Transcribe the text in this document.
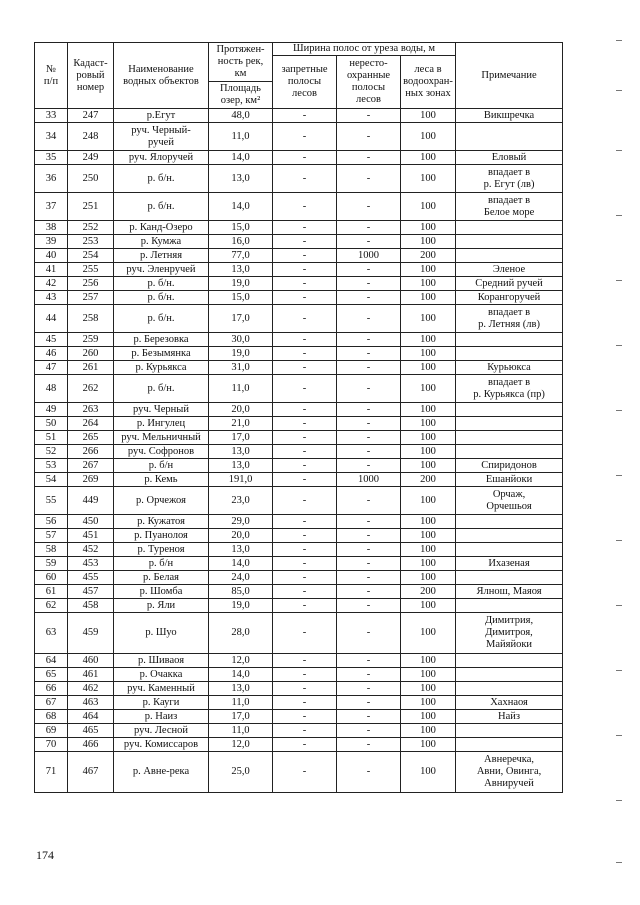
№
п/п	Кадаст-
ровый
номер	Наименование
водных объектов	Протяжен-
ность рек,
км	Ширина полос от уреза воды, м			Примечание
				запретные
полосы
лесов	нересто-
охранные
полосы
лесов	леса в
водоохран-
ных зонах	
			Площадь
озер, км²				
33	247	р.Егут	48,0	-	-	100	Викшречка
34	248	руч. Черный-
ручей	11,0	-	-	100	
35	249	руч. Ялоручей	14,0	-	-	100	Еловый
36	250	р. б/н.	13,0	-	-	100	впадает в
р. Егут (лв)
37	251	р. б/н.	14,0	-	-	100	впадает в
Белое море
38	252	р. Канд-Озеро	15,0	-	-	100	
39	253	р. Кумжа	16,0	-	-	100	
40	254	р. Летняя	77,0	-	1000	200	
41	255	руч. Эленручей	13,0	-	-	100	Эленое
42	256	р. б/н.	19,0	-	-	100	Средний ручей
43	257	р. б/н.	15,0	-	-	100	Корангоручей
44	258	р. б/н.	17,0	-	-	100	впадает в
р. Летняя (лв)
45	259	р. Березовка	30,0	-	-	100	
46	260	р. Безымянка	19,0	-	-	100	
47	261	р. Курьякса	31,0	-	-	100	Курьюкса
48	262	р. б/н.	11,0	-	-	100	впадает в
р. Курьякса (пр)
49	263	руч. Черный	20,0	-	-	100	
50	264	р. Ингулец	21,0	-	-	100	
51	265	руч. Мельничный	17,0	-	-	100	
52	266	руч. Софронов	13,0	-	-	100	
53	267	р. б/н	13,0	-	-	100	Спиридонов
54	269	р. Кемь	191,0	-	1000	200	Ешанйоки
55	449	р. Орчежоя	23,0	-	-	100	Орчаж,
Орчешьоя
56	450	р. Кужатоя	29,0	-	-	100	
57	451	р. Пуанолоя	20,0	-	-	100	
58	452	р. Туреноя	13,0	-	-	100	
59	453	р. б/н	14,0	-	-	100	Ихазеная
60	455	р. Белая	24,0	-	-	100	
61	457	р. Шомба	85,0	-	-	200	Ялнош, Маяоя
62	458	р. Яли	19,0	-	-	100	
63	459	р. Шуо	28,0	-	-	100	Димитрия,
Димитроя,
Майяйоки
64	460	р. Шиваоя	12,0	-	-	100	
65	461	р. Очакка	14,0	-	-	100	
66	462	руч. Каменный	13,0	-	-	100	
67	463	р. Кауги	11,0	-	-	100	Хахнаоя
68	464	р. Наиз	17,0	-	-	100	Найз
69	465	руч. Лесной	11,0	-	-	100	
70	466	руч. Комиссаров	12,0	-	-	100	
71	467	р. Авне-река	25,0	-	-	100	Авнеречка,
Авни, Овинга,
Авниручей
174
